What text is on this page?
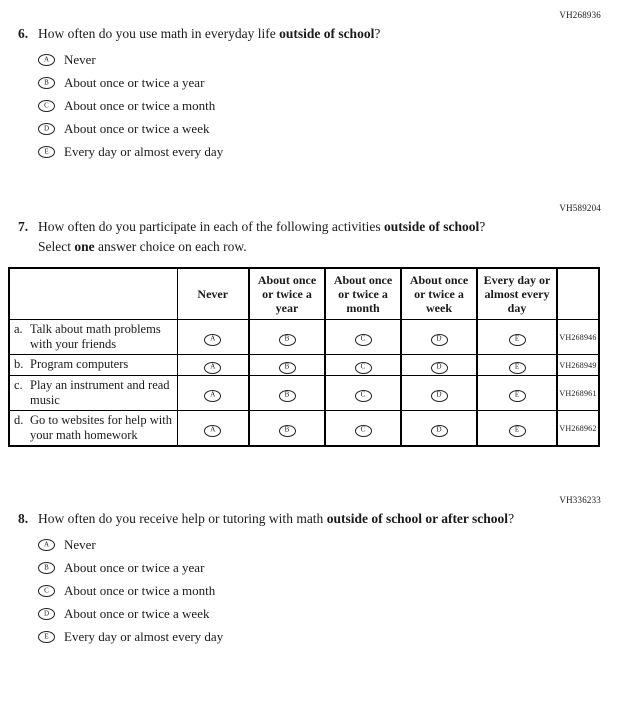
VH268936
6. How often do you use math in everyday life outside of school?
A Never
B About once or twice a year
C About once or twice a month
D About once or twice a week
E Every day or almost every day
VH589204
7. How often do you participate in each of the following activities outside of school? Select one answer choice on each row.
	Never	About once or twice a year	About once or twice a month	About once or twice a week	Every day or almost every day	

a. Talk about math problems with your friends	A	B	C	D	E	VH268946

b. Program computers	A	B	C	D	E	VH268949

c. Play an instrument and read music	A	B	C	D	E	VH268961

d. Go to websites for help with your math homework	A	B	C	D	E	VH268962
VH336233
8. How often do you receive help or tutoring with math outside of school or after school?
A Never
B About once or twice a year
C About once or twice a month
D About once or twice a week
E Every day or almost every day
